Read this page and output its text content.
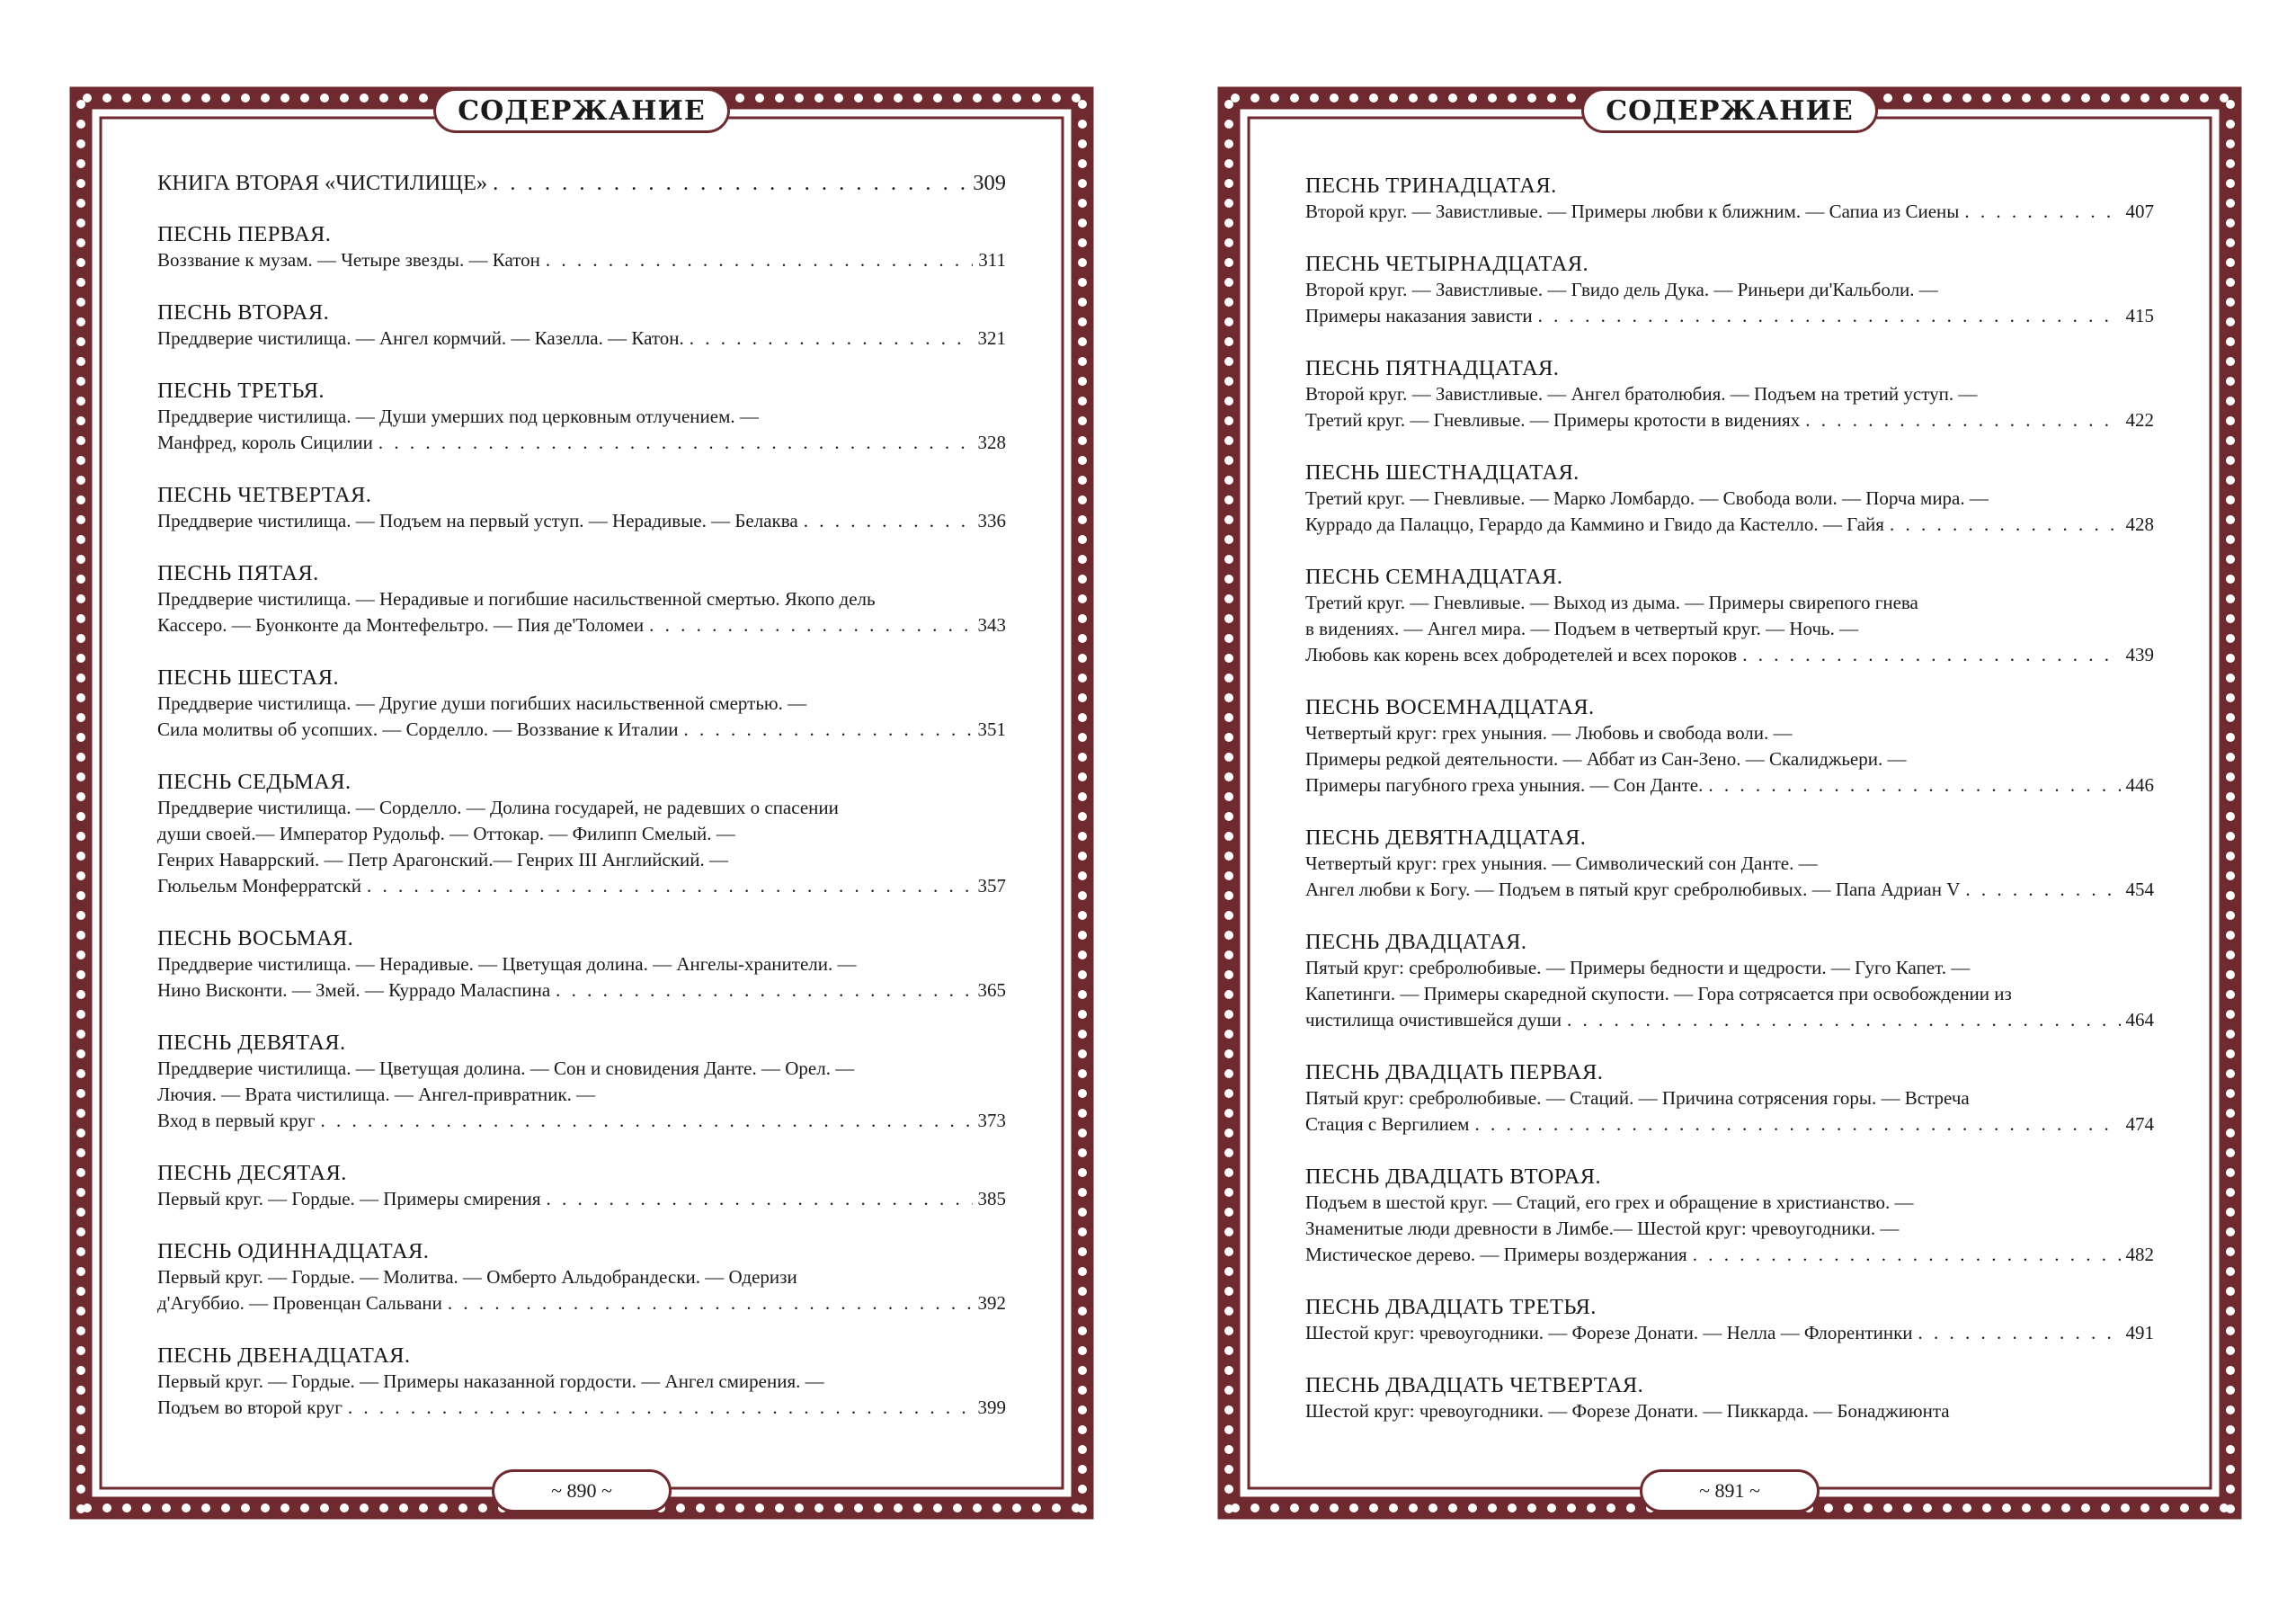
СОДЕРЖАНИЕ
КНИГА ВТОРАЯ «ЧИСТИЛИЩЕ» . . .	309
ПЕСНЬ ПЕРВАЯ.
Воззвание к музам. — Четыре звезды. — Катон . . .	311
ПЕСНЬ ВТОРАЯ.
Преддверие чистилища. — Ангел кормчий. — Казелла. — Катон. . . .	321
ПЕСНЬ ТРЕТЬЯ.
Преддверие чистилища. — Души умерших под церковным отлучением. —
Манфред, король Сицилии . . .	328
ПЕСНЬ ЧЕТВЕРТАЯ.
Преддверие чистилища. — Подъем на первый уступ. — Нерадивые. — Белаква . . .	336
ПЕСНЬ ПЯТАЯ.
Преддверие чистилища. — Нерадивые и погибшие насильственной смертью. Якопо дель
Кассеро. — Буонконте да Монтефельтро. — Пия де'Толомеи . . .	343
ПЕСНЬ ШЕСТАЯ.
Преддверие чистилища. — Другие души погибших насильственной смертью. —
Сила молитвы об усопших. — Сорделло. — Воззвание к Италии . . .	351
ПЕСНЬ СЕДЬМАЯ.
Преддверие чистилища. — Сорделло. — Долина государей, не радевших о спасении
души своей.— Император Рудольф. — Оттокар. — Филипп Смелый. —
Генрих Наваррский. — Петр Арагонский.— Генрих III Английский. —
Гюльельм Монферратскй . . .	357
ПЕСНЬ ВОСЬМАЯ.
Преддверие чистилища. — Нерадивые. — Цветущая долина. — Ангелы-хранители. —
Нино Висконти. — Змей. — Куррадо Маласпина . . .	365
ПЕСНЬ ДЕВЯТАЯ.
Преддверие чистилища. — Цветущая долина. — Сон и сновидения Данте. — Орел. —
Лючия. — Врата чистилища. — Ангел-привратник. —
Вход в первый круг . . .	373
ПЕСНЬ ДЕСЯТАЯ.
Первый круг. — Гордые. — Примеры смирения . . .	385
ПЕСНЬ ОДИННАДЦАТАЯ.
Первый круг. — Гордые. — Молитва. — Омберто Альдобрандески. — Одеризи
д'Агуббио. — Провенцан Сальвани . . .	392
ПЕСНЬ ДВЕНАДЦАТАЯ.
Первый круг. — Гордые. — Примеры наказанной гордости. — Ангел смирения. —
Подъем во второй круг . . .	399
~ 890 ~
СОДЕРЖАНИЕ
ПЕСНЬ ТРИНАДЦАТАЯ.
Второй круг. — Завистливые. — Примеры любви к ближним. — Сапиа из Сиены . . .	407
ПЕСНЬ ЧЕТЫРНАДЦАТАЯ.
Второй круг. — Завистливые. — Гвидо дель Дука. — Риньери ди'Кальболи. —
Примеры наказания зависти . . .	415
ПЕСНЬ ПЯТНАДЦАТАЯ.
Второй круг. — Завистливые. — Ангел братолюбия. — Подъем на третий уступ. —
Третий круг. — Гневливые. — Примеры кротости в видениях . . .	422
ПЕСНЬ ШЕСТНАДЦАТАЯ.
Третий круг. — Гневливые. — Марко Ломбардо. — Свобода воли. — Порча мира. —
Куррадо да Палаццо, Герардо да Каммино и Гвидо да Кастелло. — Гайя . . .	428
ПЕСНЬ СЕМНАДЦАТАЯ.
Третий круг. — Гневливые. — Выход из дыма. — Примеры свирепого гнева
в видениях. — Ангел мира. — Подъем в четвертый круг. — Ночь. —
Любовь как корень всех добродетелей и всех пороков . . .	439
ПЕСНЬ ВОСЕМНАДЦАТАЯ.
Четвертый круг: грех уныния. — Любовь и свобода воли. —
Примеры редкой деятельности. — Аббат из Сан-Зено. — Скалиджьери. —
Примеры пагубного греха уныния. — Сон Данте. . . .	446
ПЕСНЬ ДЕВЯТНАДЦАТАЯ.
Четвертый круг: грех уныния. — Символический сон Данте. —
Ангел любви к Богу. — Подъем в пятый круг сребролюбивых. — Папа Адриан V . . .	454
ПЕСНЬ ДВАДЦАТАЯ.
Пятый круг: сребролюбивые. — Примеры бедности и щедрости. — Гуго Капет. —
Капетинги. — Примеры скаредной скупости. — Гора сотрясается при освобождении из
чистилища очистившейся души . . .	464
ПЕСНЬ ДВАДЦАТЬ ПЕРВАЯ.
Пятый круг: сребролюбивые. — Стаций. — Причина сотрясения горы. — Встреча
Стация с Вергилием . . .	474
ПЕСНЬ ДВАДЦАТЬ ВТОРАЯ.
Подъем в шестой круг. — Стаций, его грех и обращение в христианство. —
Знаменитые люди древности в Лимбе.— Шестой круг: чревоугодники. —
Мистическое дерево. — Примеры воздержания . . .	482
ПЕСНЬ ДВАДЦАТЬ ТРЕТЬЯ.
Шестой круг: чревоугодники. — Форезе Донати. — Нелла — Флорентинки . . .	491
ПЕСНЬ ДВАДЦАТЬ ЧЕТВЕРТАЯ.
Шестой круг: чревоугодники. — Форезе Донати. — Пиккарда. — Бонаджиюнта
~ 891 ~
